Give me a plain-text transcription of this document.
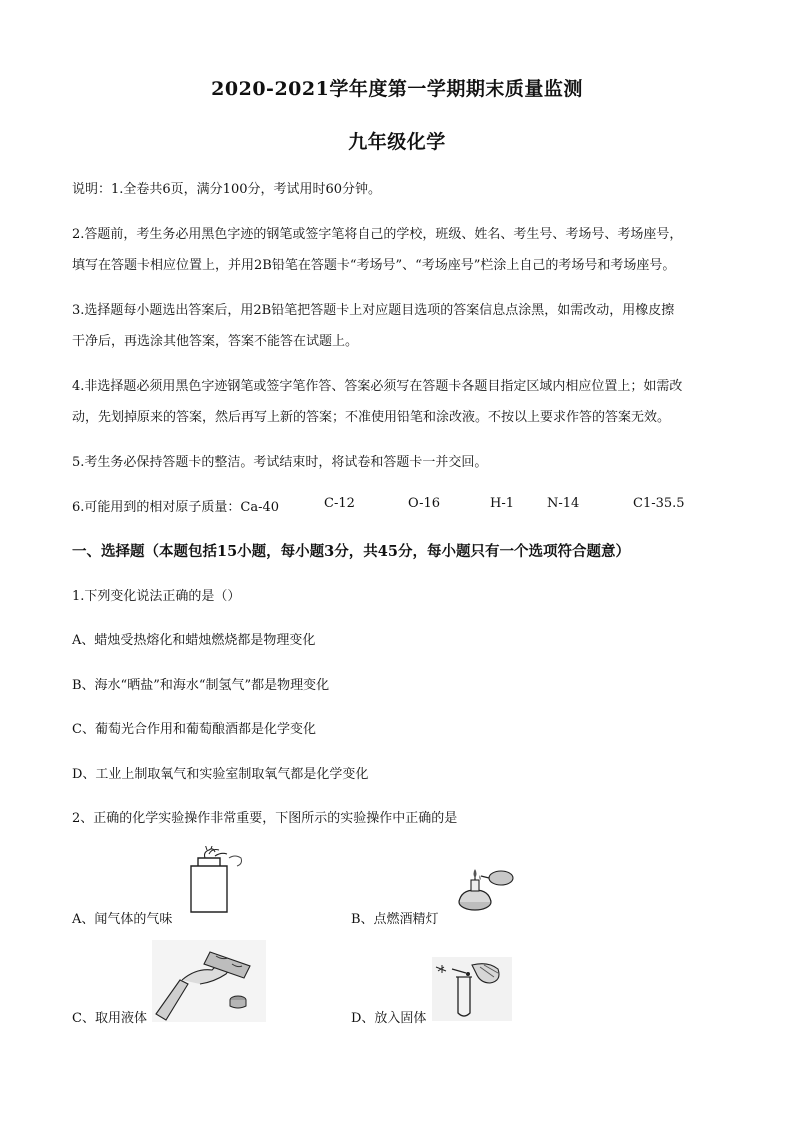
2020-2021学年度第一学期期末质量监测
九年级化学
说明：1.全卷共6页，满分100分，考试用时60分钟。
2.答题前，考生务必用黑色字迹的钢笔或签字笔将自己的学校，班级、姓名、考生号、考场号、考场座号，
填写在答题卡相应位置上，并用2B铅笔在答题卡“考场号”、“考场座号”栏涂上自己的考场号和考场座号。
3.选择题每小题选出答案后，用2B铅笔把答题卡上对应题目选项的答案信息点涂黑，如需改动，用橡皮擦
干净后，再选涂其他答案，答案不能答在试题上。
4.非选择题必须用黑色字迹钢笔或签字笔作答、答案必须写在答题卡各题目指定区域内相应位置上；如需改
动，先划掉原来的答案，然后再写上新的答案；不准使用铅笔和涂改液。不按以上要求作答的答案无效。
5.考生务必保持答题卡的整洁。考试结束时，将试卷和答题卡一并交回。
6.可能用到的相对原子质量：Ca-40	C-12	O-16	H-1	N-14	C1-35.5
一、选择题（本题包括15小题，每小题3分，共45分，每小题只有一个选项符合题意）
1.下列变化说法正确的是（）
A、蜡烛受热熔化和蜡烛燃烧都是物理变化
B、海水“晒盐”和海水“制氢气”都是物理变化
C、葡萄光合作用和葡萄酿酒都是化学变化
D、工业上制取氧气和实验室制取氧气都是化学变化
2、正确的化学实验操作非常重要，下图所示的实验操作中正确的是
A、闻气体的气味	B、点燃酒精灯
C、取用液体	D、放入固体
